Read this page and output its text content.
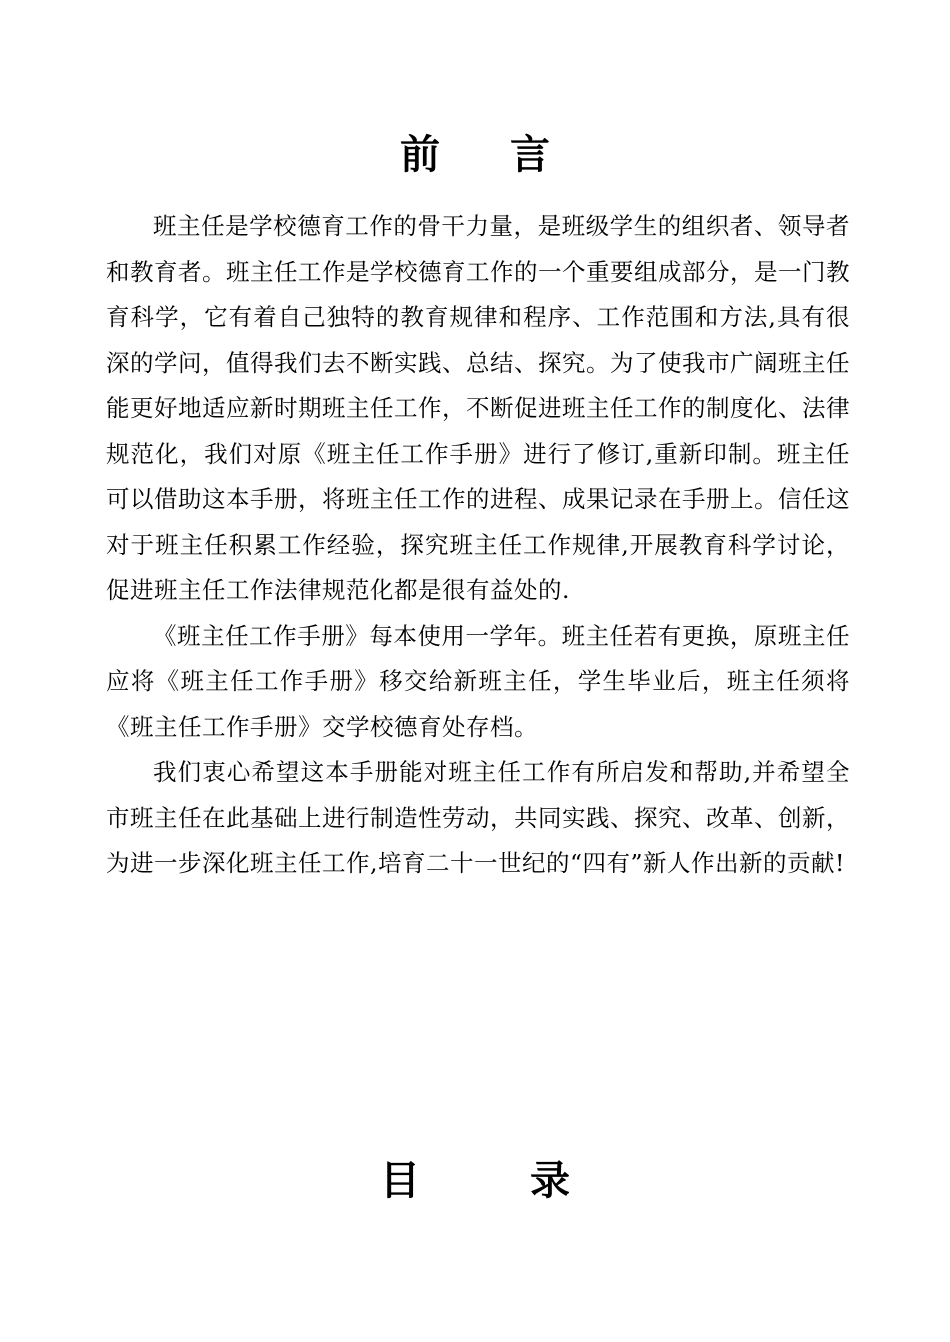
前 言

班主任是学校德育工作的骨干力量，是班级学生的组织者、领导者和教育者。班主任工作是学校德育工作的一个重要组成部分，是一门教育科学，它有着自己独特的教育规律和程序、工作范围和方法,具有很深的学问，值得我们去不断实践、总结、探究。为了使我市广阔班主任能更好地适应新时期班主任工作，不断促进班主任工作的制度化、法律规范化，我们对原《班主任工作手册》进行了修订,重新印制。班主任可以借助这本手册，将班主任工作的进程、成果记录在手册上。信任这对于班主任积累工作经验，探究班主任工作规律,开展教育科学讨论，促进班主任工作法律规范化都是很有益处的.

《班主任工作手册》每本使用一学年。班主任若有更换，原班主任应将《班主任工作手册》移交给新班主任，学生毕业后，班主任须将《班主任工作手册》交学校德育处存档。

我们衷心希望这本手册能对班主任工作有所启发和帮助,并希望全市班主任在此基础上进行制造性劳动，共同实践、探究、改革、创新，为进一步深化班主任工作,培育二十一世纪的“四有”新人作出新的贡献!

目	录
